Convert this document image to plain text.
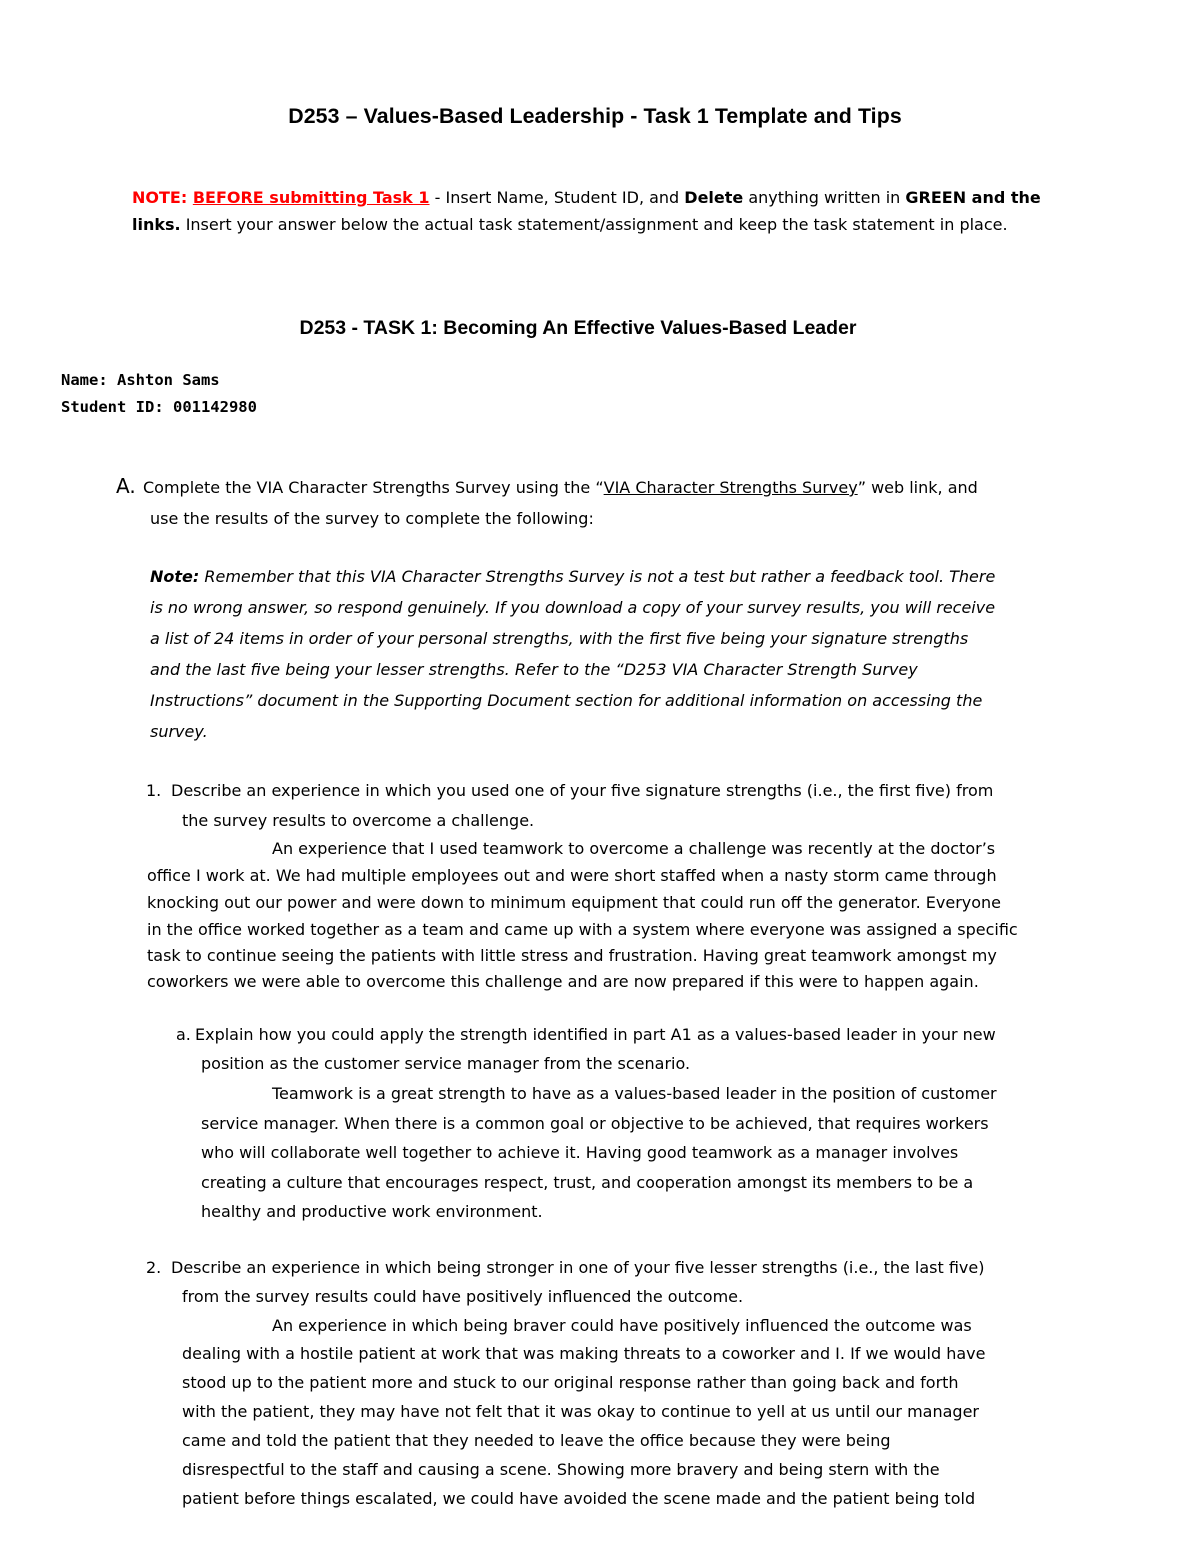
D253 – Values-Based Leadership - Task 1 Template and Tips
NOTE: BEFORE submitting Task 1 - Insert Name, Student ID, and Delete anything written in GREEN and the
links. Insert your answer below the actual task statement/assignment and keep the task statement in place.
D253 - TASK 1: Becoming An Effective Values-Based Leader
Name: Ashton Sams
Student ID: 001142980
A. Complete the VIA Character Strengths Survey using the “VIA Character Strengths Survey” web link, and
use the results of the survey to complete the following:
Note: Remember that this VIA Character Strengths Survey is not a test but rather a feedback tool. There
is no wrong answer, so respond genuinely. If you download a copy of your survey results, you will receive
a list of 24 items in order of your personal strengths, with the first five being your signature strengths
and the last five being your lesser strengths. Refer to the “D253 VIA Character Strength Survey
Instructions” document in the Supporting Document section for additional information on accessing the
survey.
1. Describe an experience in which you used one of your five signature strengths (i.e., the first five) from
the survey results to overcome a challenge.
An experience that I used teamwork to overcome a challenge was recently at the doctor’s
office I work at. We had multiple employees out and were short staffed when a nasty storm came through
knocking out our power and were down to minimum equipment that could run off the generator. Everyone
in the office worked together as a team and came up with a system where everyone was assigned a specific
task to continue seeing the patients with little stress and frustration. Having great teamwork amongst my
coworkers we were able to overcome this challenge and are now prepared if this were to happen again.
a. Explain how you could apply the strength identified in part A1 as a values-based leader in your new
position as the customer service manager from the scenario.
Teamwork is a great strength to have as a values-based leader in the position of customer
service manager. When there is a common goal or objective to be achieved, that requires workers
who will collaborate well together to achieve it. Having good teamwork as a manager involves
creating a culture that encourages respect, trust, and cooperation amongst its members to be a
healthy and productive work environment.
2. Describe an experience in which being stronger in one of your five lesser strengths (i.e., the last five)
from the survey results could have positively influenced the outcome.
An experience in which being braver could have positively influenced the outcome was
dealing with a hostile patient at work that was making threats to a coworker and I. If we would have
stood up to the patient more and stuck to our original response rather than going back and forth
with the patient, they may have not felt that it was okay to continue to yell at us until our manager
came and told the patient that they needed to leave the office because they were being
disrespectful to the staff and causing a scene. Showing more bravery and being stern with the
patient before things escalated, we could have avoided the scene made and the patient being told
